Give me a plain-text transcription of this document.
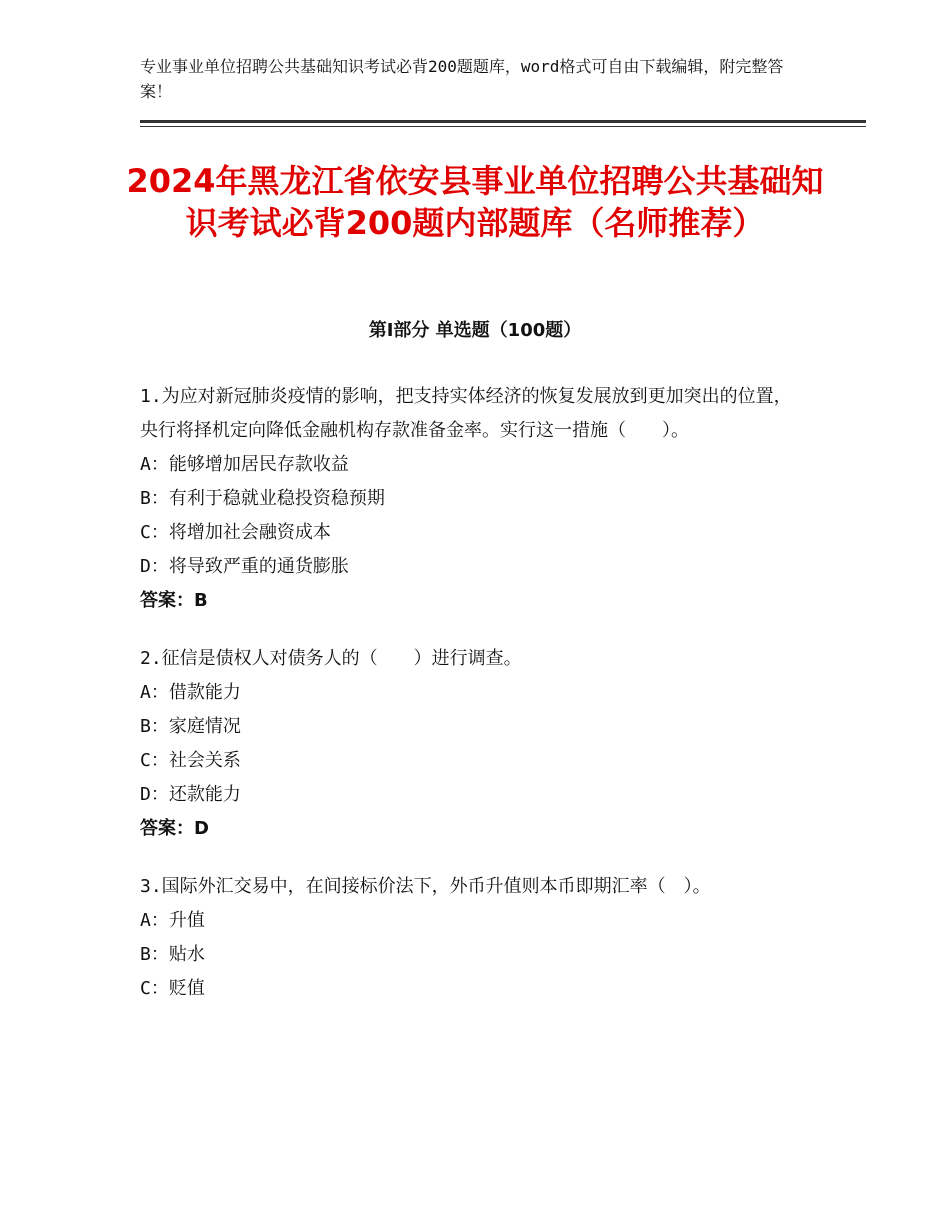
专业事业单位招聘公共基础知识考试必背200题题库，word格式可自由下载编辑，附完整答案！
2024年黑龙江省依安县事业单位招聘公共基础知识考试必背200题内部题库（名师推荐）
第Ⅰ部分 单选题（100题）
1.为应对新冠肺炎疫情的影响，把支持实体经济的恢复发展放到更加突出的位置，央行将择机定向降低金融机构存款准备金率。实行这一措施（　　）。
A：能够增加居民存款收益
B：有利于稳就业稳投资稳预期
C：将增加社会融资成本
D：将导致严重的通货膨胀
答案：B
2.征信是债权人对债务人的（　　）进行调查。
A：借款能力
B：家庭情况
C：社会关系
D：还款能力
答案：D
3.国际外汇交易中，在间接标价法下，外币升值则本币即期汇率（　）。
A：升值
B：贴水
C：贬值
